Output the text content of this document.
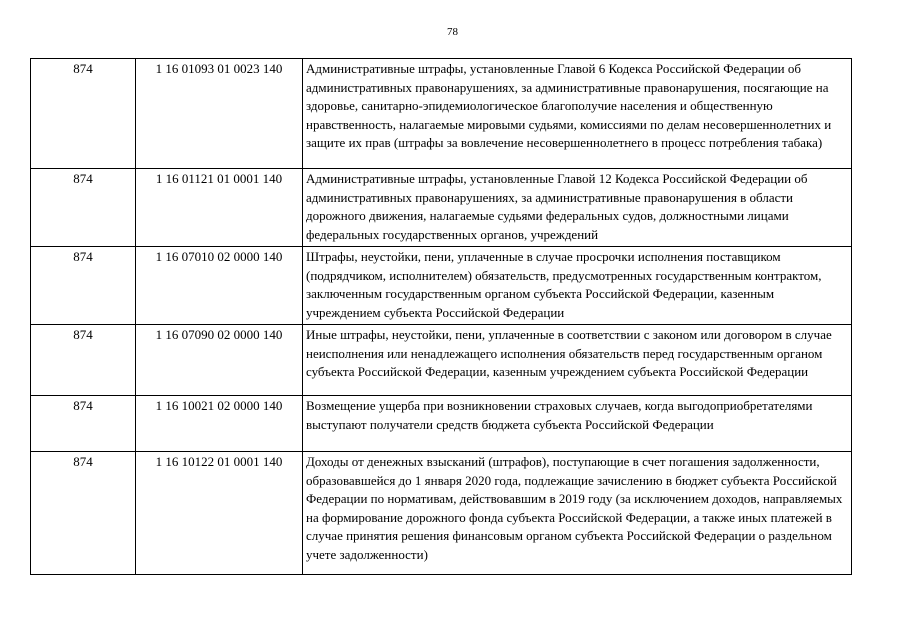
78
874	1 16 01093 01 0023 140	Административные штрафы, установленные Главой 6 Кодекса Российской Федерации об административных правонарушениях, за административные правонарушения, посягающие на здоровье, санитарно-эпидемиологическое благополучие населения и общественную нравственность, налагаемые мировыми судьями, комиссиями по делам несовершеннолетних и защите их прав (штрафы за вовлечение несовершеннолетнего в процесс потребления табака)
874	1 16 01121 01 0001 140	Административные штрафы, установленные Главой 12 Кодекса Российской Федерации об административных правонарушениях, за административные правонарушения в области дорожного движения, налагаемые судьями федеральных судов, должностными лицами федеральных государственных органов, учреждений
874	1 16 07010 02 0000 140	Штрафы, неустойки, пени, уплаченные в случае просрочки исполнения поставщиком (подрядчиком, исполнителем) обязательств, предусмотренных государственным контрактом, заключенным государственным органом субъекта Российской Федерации, казенным учреждением субъекта Российской Федерации
874	1 16 07090 02 0000 140	Иные штрафы, неустойки, пени, уплаченные в соответствии с законом или договором в случае неисполнения или ненадлежащего исполнения обязательств перед государственным органом субъекта Российской Федерации, казенным учреждением субъекта Российской Федерации
874	1 16 10021 02 0000 140	Возмещение ущерба при возникновении страховых случаев, когда выгодоприобретателями выступают получатели средств бюджета субъекта Российской Федерации
874	1 16 10122 01 0001 140	Доходы от денежных взысканий (штрафов), поступающие в счет погашения задолженности, образовавшейся до 1 января 2020 года, подлежащие зачислению в бюджет субъекта Российской Федерации по нормативам, действовавшим в 2019 году (за исключением доходов, направляемых на формирование дорожного фонда субъекта Российской Федерации, а также иных платежей в случае принятия решения финансовым органом субъекта Российской Федерации о раздельном учете задолженности)
